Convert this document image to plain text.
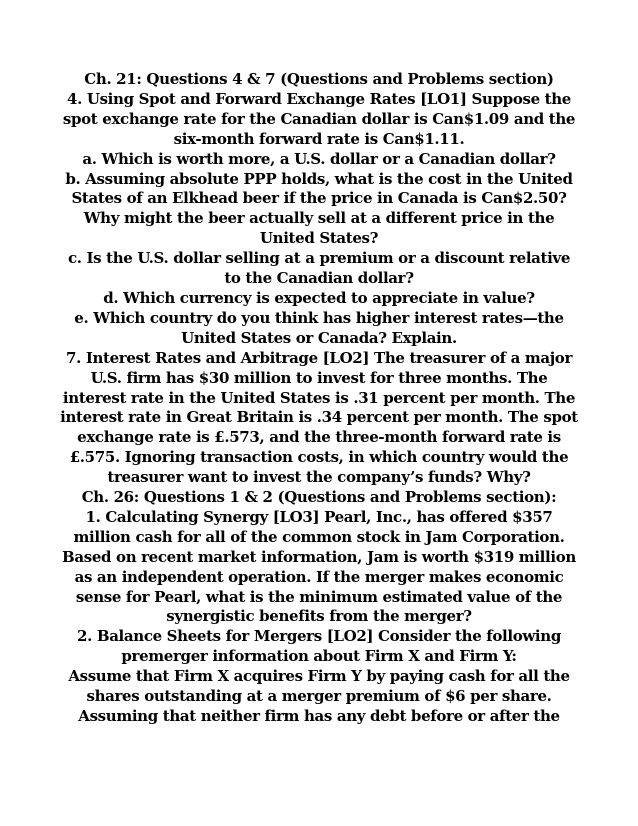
Ch. 21: Questions 4 & 7 (Questions and Problems section)
4. Using Spot and Forward Exchange Rates [LO1] Suppose the
spot exchange rate for the Canadian dollar is Can$1.09 and the
six-month forward rate is Can$1.11.
a. Which is worth more, a U.S. dollar or a Canadian dollar?
b. Assuming absolute PPP holds, what is the cost in the United
States of an Elkhead beer if the price in Canada is Can$2.50?
Why might the beer actually sell at a different price in the
United States?
c. Is the U.S. dollar selling at a premium or a discount relative
to the Canadian dollar?
d. Which currency is expected to appreciate in value?
e. Which country do you think has higher interest rates—the
United States or Canada? Explain.
7. Interest Rates and Arbitrage [LO2] The treasurer of a major
U.S. firm has $30 million to invest for three months. The
interest rate in the United States is .31 percent per month. The
interest rate in Great Britain is .34 percent per month. The spot
exchange rate is £.573, and the three-month forward rate is
£.575. Ignoring transaction costs, in which country would the
treasurer want to invest the company’s funds? Why?
Ch. 26: Questions 1 & 2 (Questions and Problems section):
1. Calculating Synergy [LO3] Pearl, Inc., has offered $357
million cash for all of the common stock in Jam Corporation.
Based on recent market information, Jam is worth $319 million
as an independent operation. If the merger makes economic
sense for Pearl, what is the minimum estimated value of the
synergistic benefits from the merger?
2. Balance Sheets for Mergers [LO2] Consider the following
premerger information about Firm X and Firm Y:
Assume that Firm X acquires Firm Y by paying cash for all the
shares outstanding at a merger premium of $6 per share.
Assuming that neither firm has any debt before or after the
